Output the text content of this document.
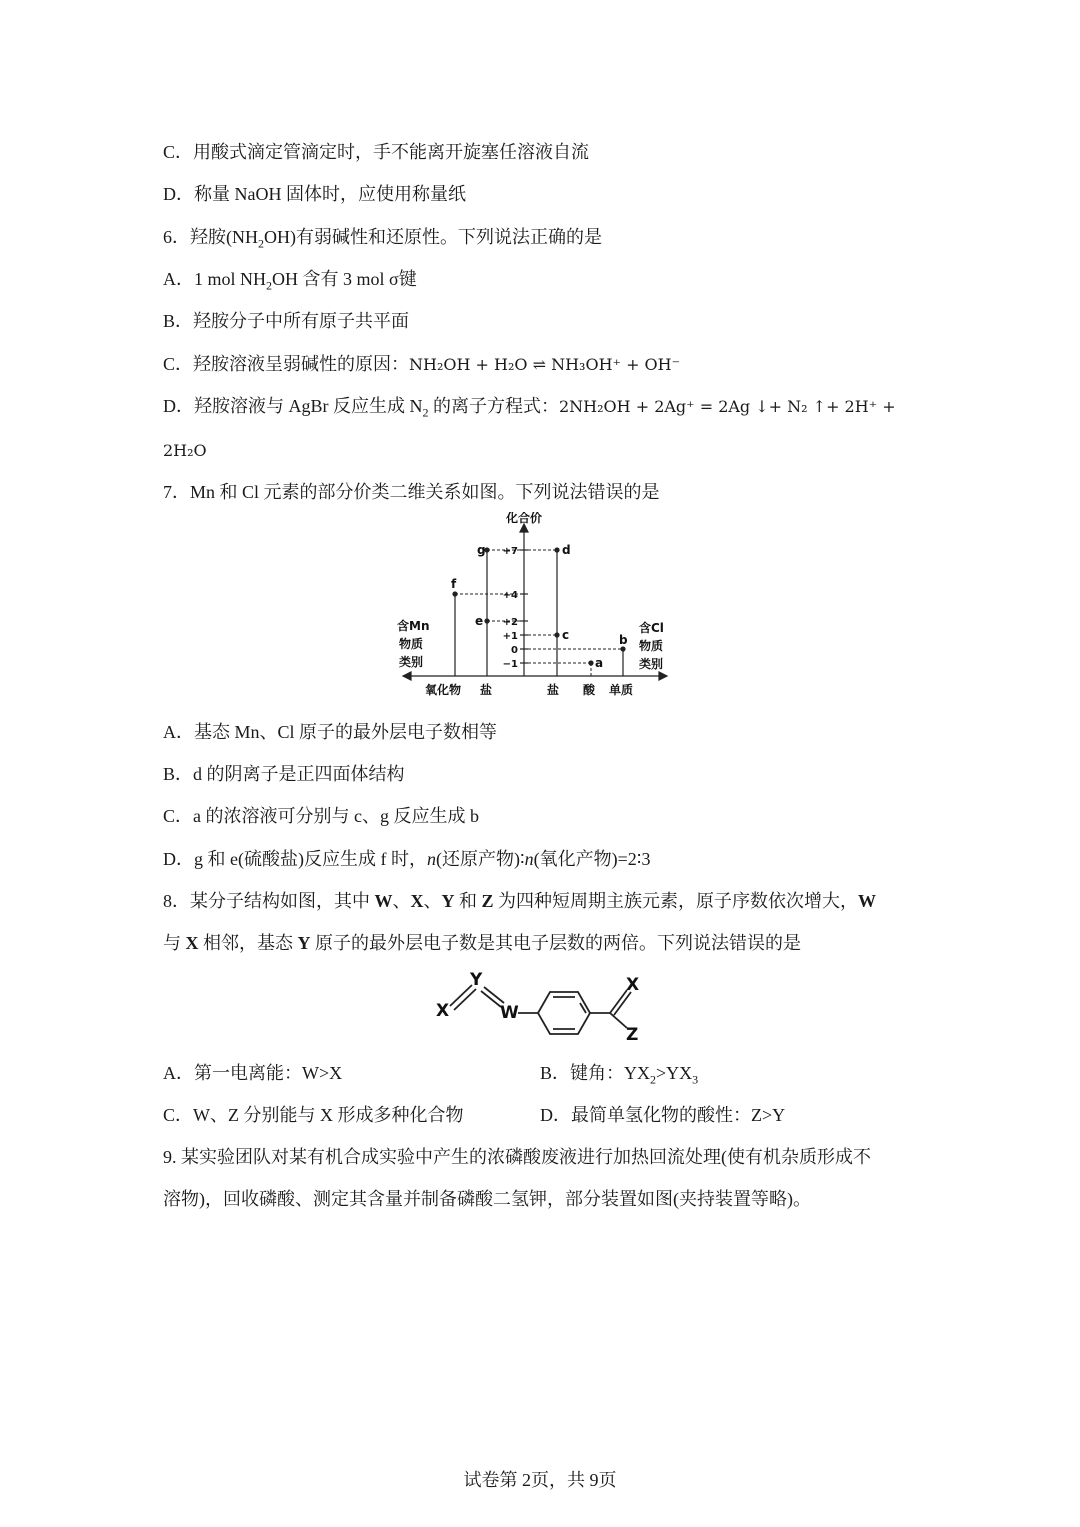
C．用酸式滴定管滴定时，手不能离开旋塞任溶液自流
D．称量 NaOH 固体时，应使用称量纸
6．羟胺$(NH_2OH)$有弱碱性和还原性。下列说法正确的是
A．1 mol $NH_2OH$ 含有 3 mol σ键
B．羟胺分子中所有原子共平面
C．羟胺溶液呈弱碱性的原因：NH₂OH + H₂O ⇌ NH₃OH⁺ + OH⁻
D．羟胺溶液与 AgBr 反应生成 $N_2$ 的离子方程式：2NH₂OH + 2Ag⁺ = 2Ag ↓+ N₂ ↑+ 2H⁺ +
2H₂O
7．Mn 和 Cl 元素的部分价类二维关系如图。下列说法错误的是
化合价
+7
+4
+2
+1
0
−1
g	d
f
e
c	b
a
含Mn
物质
类别
含Cl
物质
类别
氧化物 盐	盐 酸 单质
A．基态 Mn、Cl 原子的最外层电子数相等
B．d 的阴离子是正四面体结构
C．a 的浓溶液可分别与 c、g 反应生成 b
D．g 和 e(硫酸盐)反应生成 f 时，n(还原产物)∶n(氧化产物)=2∶3
8．某分子结构如图，其中 W、X、Y 和 Z 为四种短周期主族元素，原子序数依次增大，W
与 X 相邻，基态 Y 原子的最外层电子数是其电子层数的两倍。下列说法错误的是
X
Y
W
X
Z
A．第一电离能：W>X	B．键角：$YX_2>YX_3$
C．W、Z 分别能与 X 形成多种化合物	D．最简单氢化物的酸性：Z>Y
9. 某实验团队对某有机合成实验中产生的浓磷酸废液进行加热回流处理(使有机杂质形成不
溶物)，回收磷酸、测定其含量并制备磷酸二氢钾，部分装置如图(夹持装置等略)。
试卷第 2页，共 9页
